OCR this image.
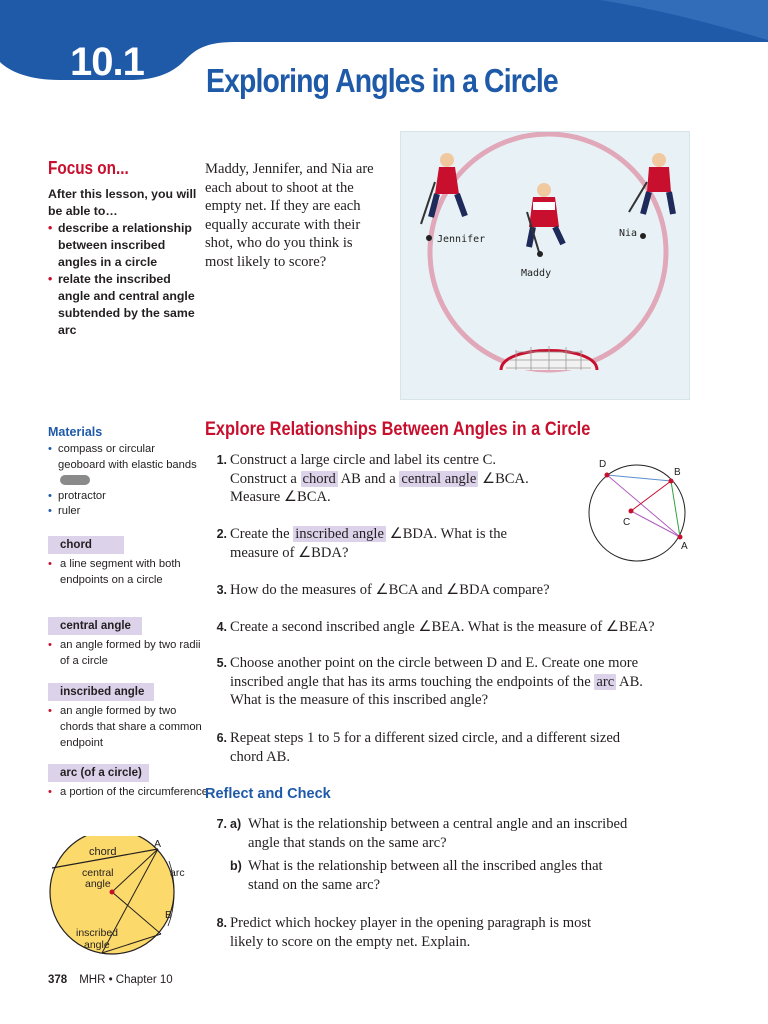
10.1 Exploring Angles in a Circle
Focus on...
After this lesson, you will be able to…
• describe a relationship between inscribed angles in a circle
• relate the inscribed angle and central angle subtended by the same arc
Maddy, Jennifer, and Nia are each about to shoot at the empty net. If they are each equally accurate with their shot, who do you think is most likely to score?
Jennifer
Maddy
Nia
Materials
• compass or circular geoboard with elastic bands
• protractor
• ruler
chord
• a line segment with both endpoints on a circle
central angle
• an angle formed by two radii of a circle
inscribed angle
• an angle formed by two chords that share a common endpoint
arc (of a circle)
• a portion of the circumference
chord
central
angle
arc
inscribed
angle
A
B
Explore Relationships Between Angles in a Circle
D
B
C
A
1. Construct a large circle and label its centre C.
Construct a chord AB and a central angle ∠BCA.
Measure ∠BCA.
2. Create the inscribed angle ∠BDA. What is the
measure of ∠BDA?
3. How do the measures of ∠BCA and ∠BDA compare?
4. Create a second inscribed angle ∠BEA. What is the measure of ∠BEA?
5. Choose another point on the circle between D and E. Create one more
inscribed angle that has its arms touching the endpoints of the arc AB.
What is the measure of this inscribed angle?
6. Repeat steps 1 to 5 for a different sized circle, and a different sized
chord AB.
Reflect and Check
7. a) What is the relationship between a central angle and an inscribed
angle that stands on the same arc?
b) What is the relationship between all the inscribed angles that
stand on the same arc?
8. Predict which hockey player in the opening paragraph is most
likely to score on the empty net. Explain.
378 MHR • Chapter 10
